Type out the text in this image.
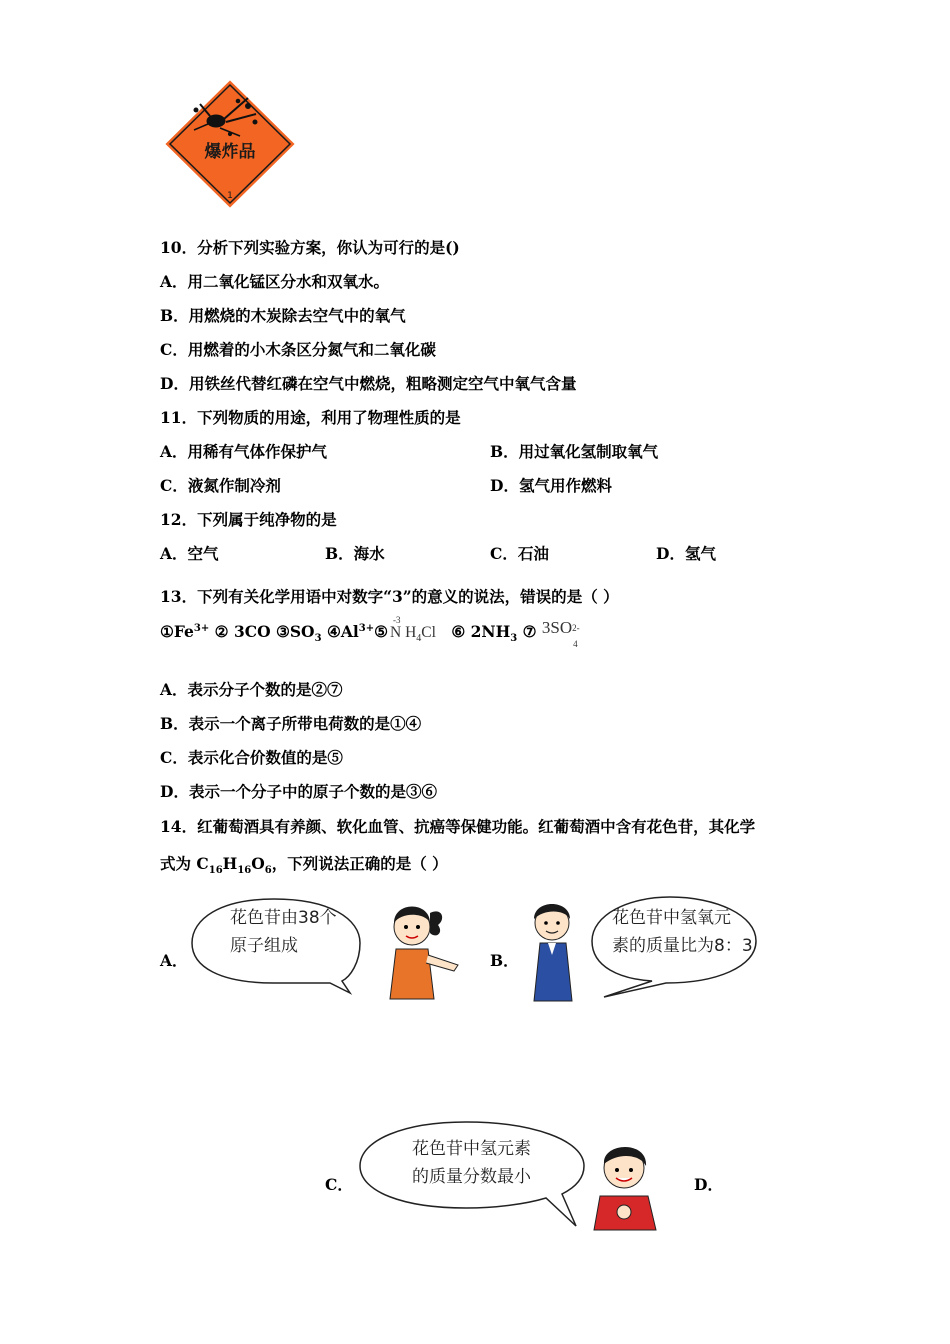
爆炸品
1
10．分析下列实验方案，你认为可行的是()
A．用二氧化锰区分水和双氧水。
B．用燃烧的木炭除去空气中的氧气
C．用燃着的小木条区分氮气和二氧化碳
D．用铁丝代替红磷在空气中燃烧，粗略测定空气中氧气含量
11．下列物质的用途，利用了物理性质的是
A．用稀有气体作保护气	B．用过氧化氢制取氧气
C．液氮作制冷剂	D．氢气用作燃料
12．下列属于纯净物的是
A．空气	B．海水	C．石油	D．氢气
13．下列有关化学用语中对数字“3”的意义的说法，错误的是（ ）
$①Fe^{3+}$ ② 3CO $③SO_3$ $④Al^{3+}⑤$
-3
N $H_4Cl$ ⑥ $2NH_3$ ⑦ 3SO 2-
4
A．表示分子个数的是②⑦
B．表示一个离子所带电荷数的是①④
C．表示化合价数值的是⑤
D．表示一个分子中的原子个数的是③⑥
14．红葡萄酒具有养颜、软化血管、抗癌等保健功能。红葡萄酒中含有花色苷，其化学
式为 $C_{16}H_{16}O_6$，下列说法正确的是（ ）
A．
花色苷由38个
原子组成
B．
花色苷中氢氧元
素的质量比为8：3
C．
花色苷中氢元素
的质量分数最小	D．
